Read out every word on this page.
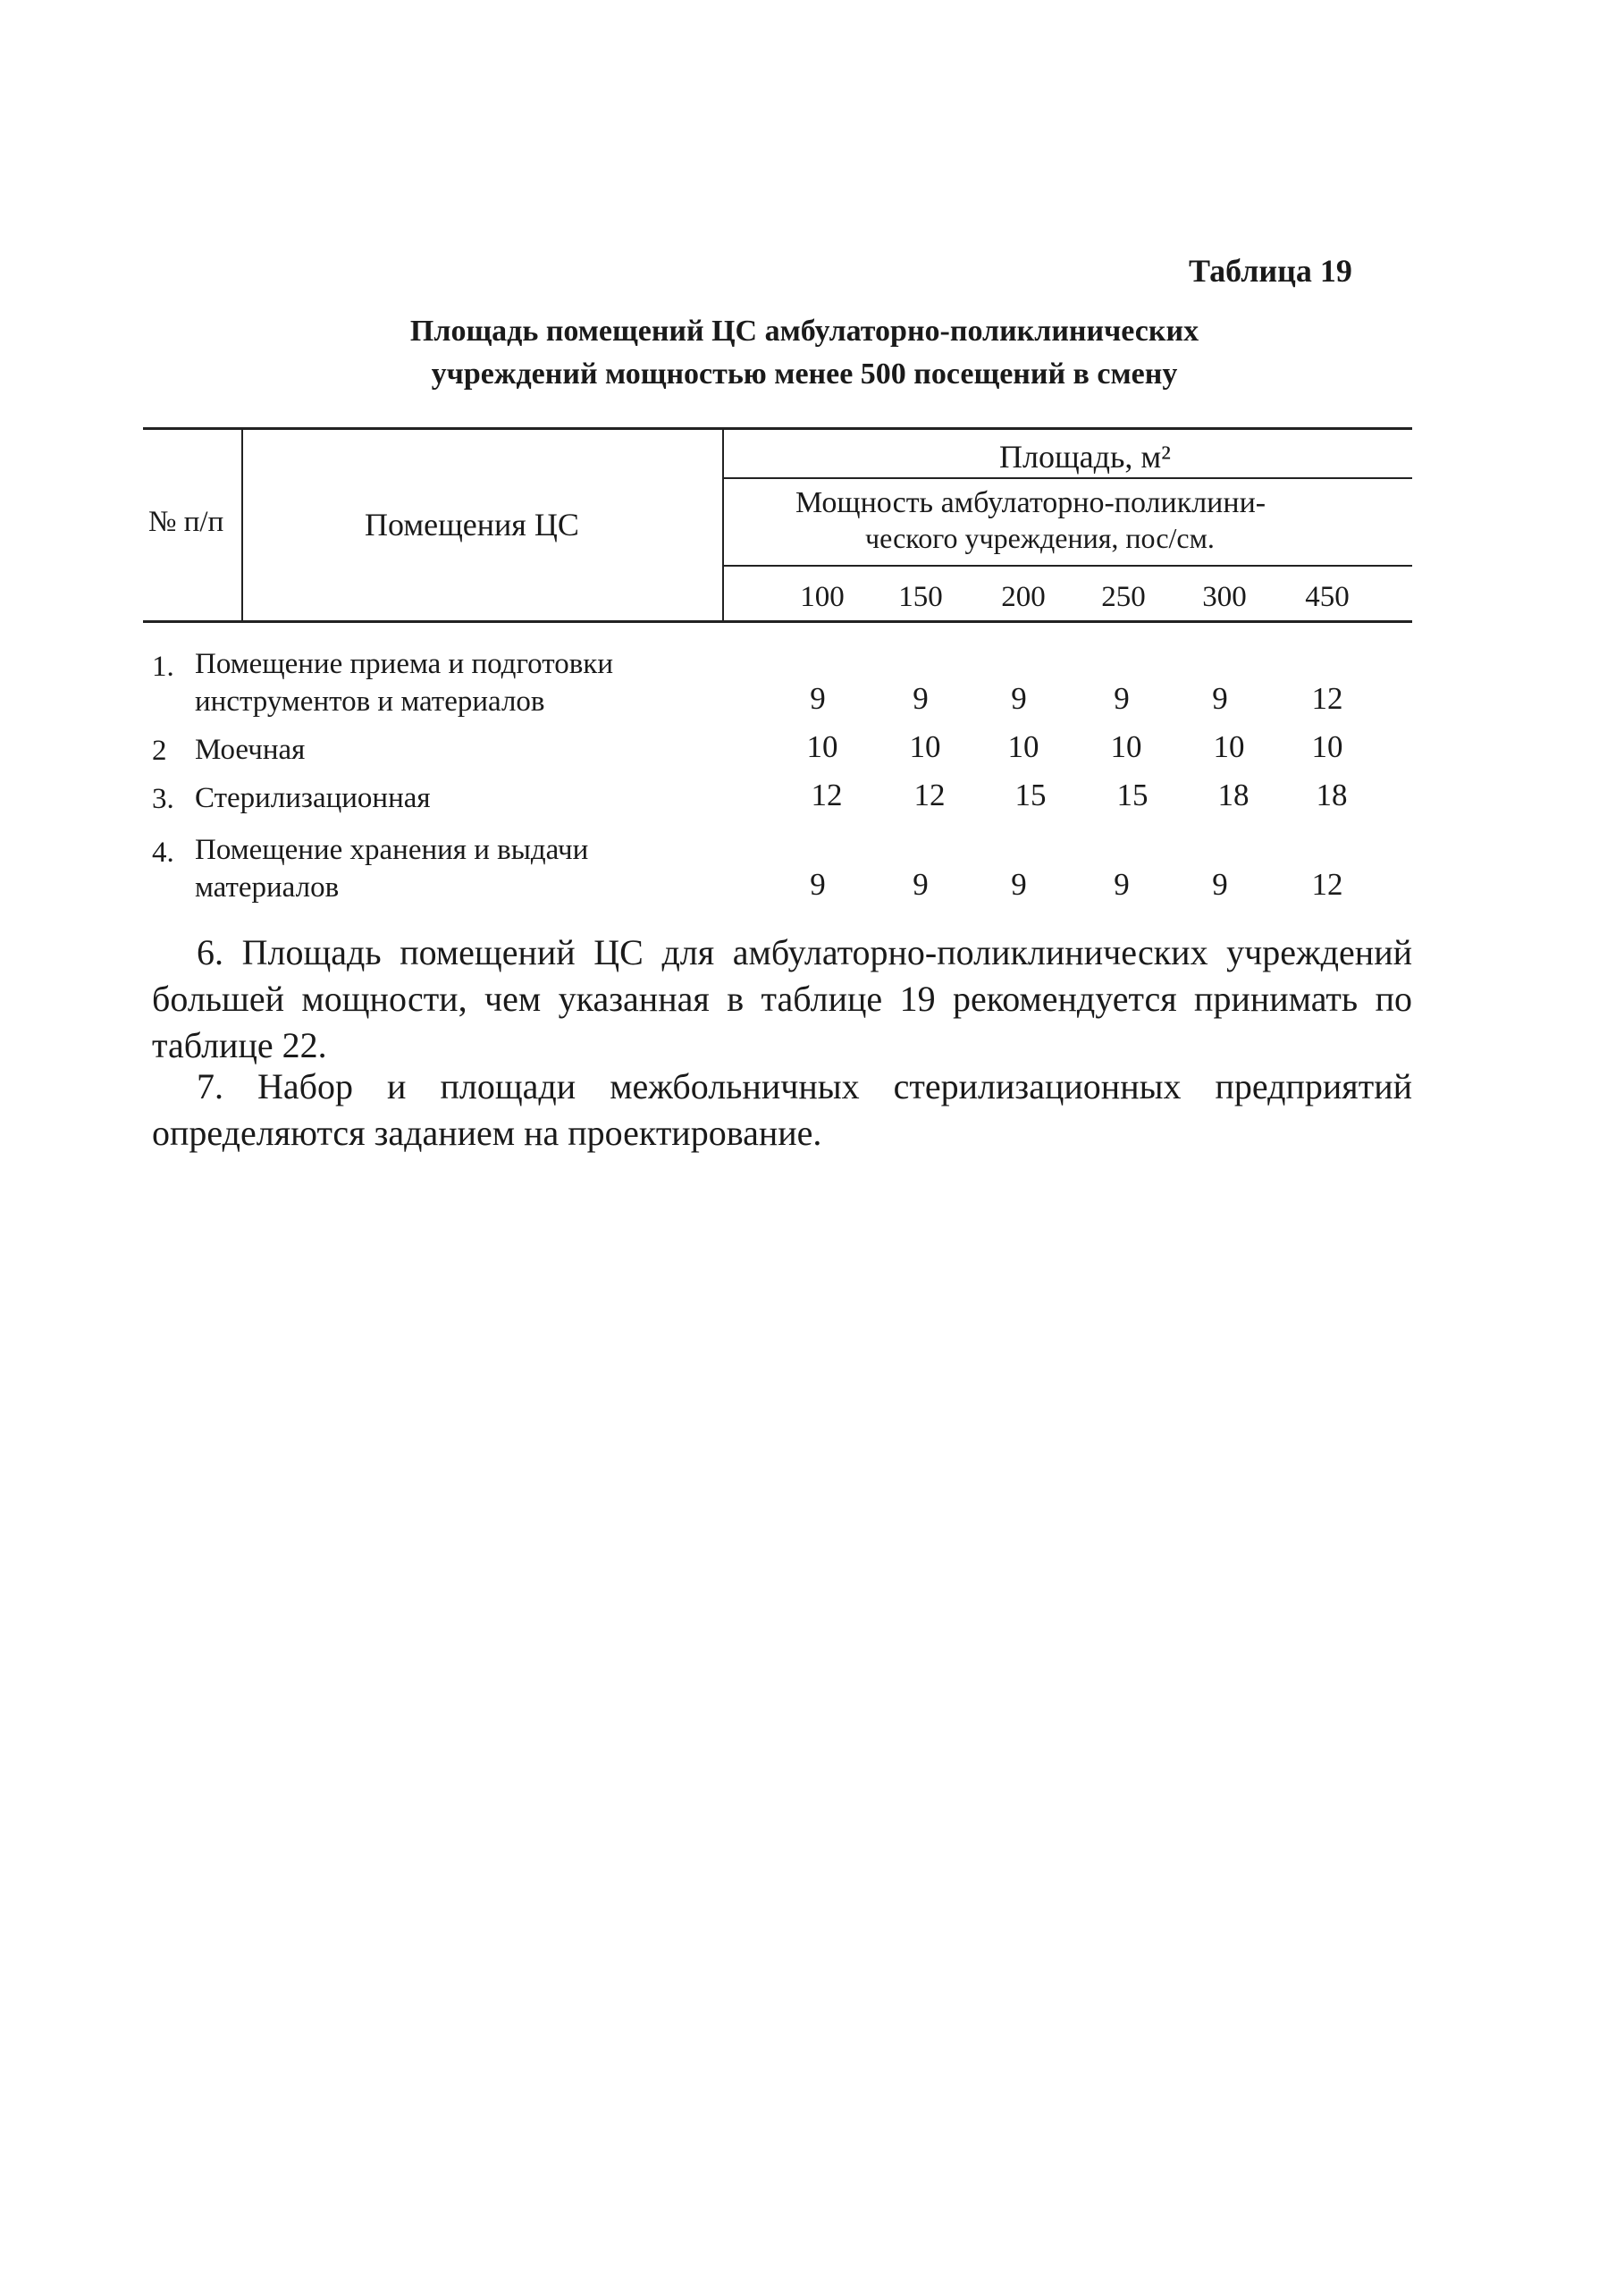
Таблица 19
Площадь помещений ЦС амбулаторно-поликлинических
учреждений мощностью менее 500 посещений в смену
№ п/п	Помещения ЦС
Площадь, м²
Мощность амбулаторно-поликлини-
ческого учреждения, пос/см.
100	150	200	250	300	450
1. Помещение приема и подготовки
инструментов и материалов	9	9	9	9	9	12
2 Моечная	10	10	10	10	10	10
3. Стерилизационная	12	12	15	15	18	18
4. Помещение хранения и выдачи
материалов	9	9	9	9	9	12
6. Площадь помещений ЦС для амбулаторно-поликлинических учреждений большей мощности, чем указанная в таблице 19 рекомендуется принимать по таблице 22.
7. Набор и площади межбольничных стерилизационных предприятий определяются заданием на проектирование.
